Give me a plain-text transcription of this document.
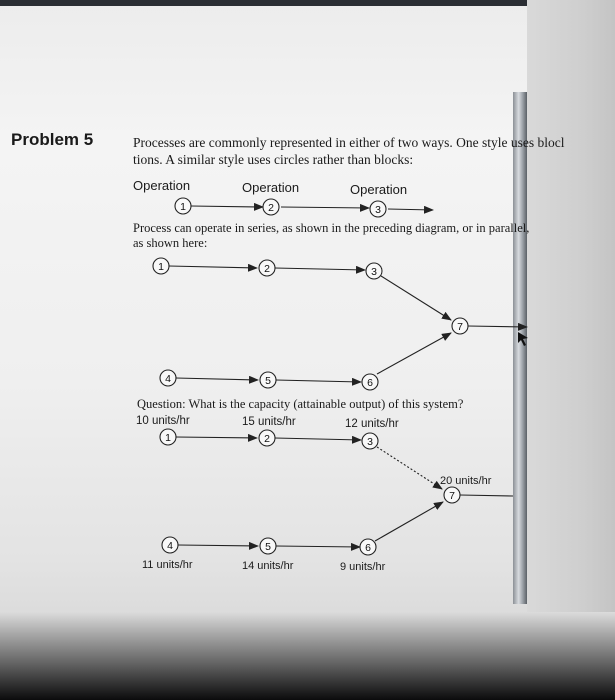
Problem 5	Processes are commonly represented in either of two ways. One style uses blocl
tions. A similar style uses circles rather than blocks:
Operation	Operation	Operation
Process can operate in series, as shown in the preceding diagram, or in parallel,
as shown here:
Question: What is the capacity (attainable output) of this system?
10 units/hr	15 units/hr	12 units/hr
20 units/hr
11 units/hr	14 units/hr	9 units/hr
1	2	3
1	2	3
4	5	6
7
1	2	3
4	5	6
7
